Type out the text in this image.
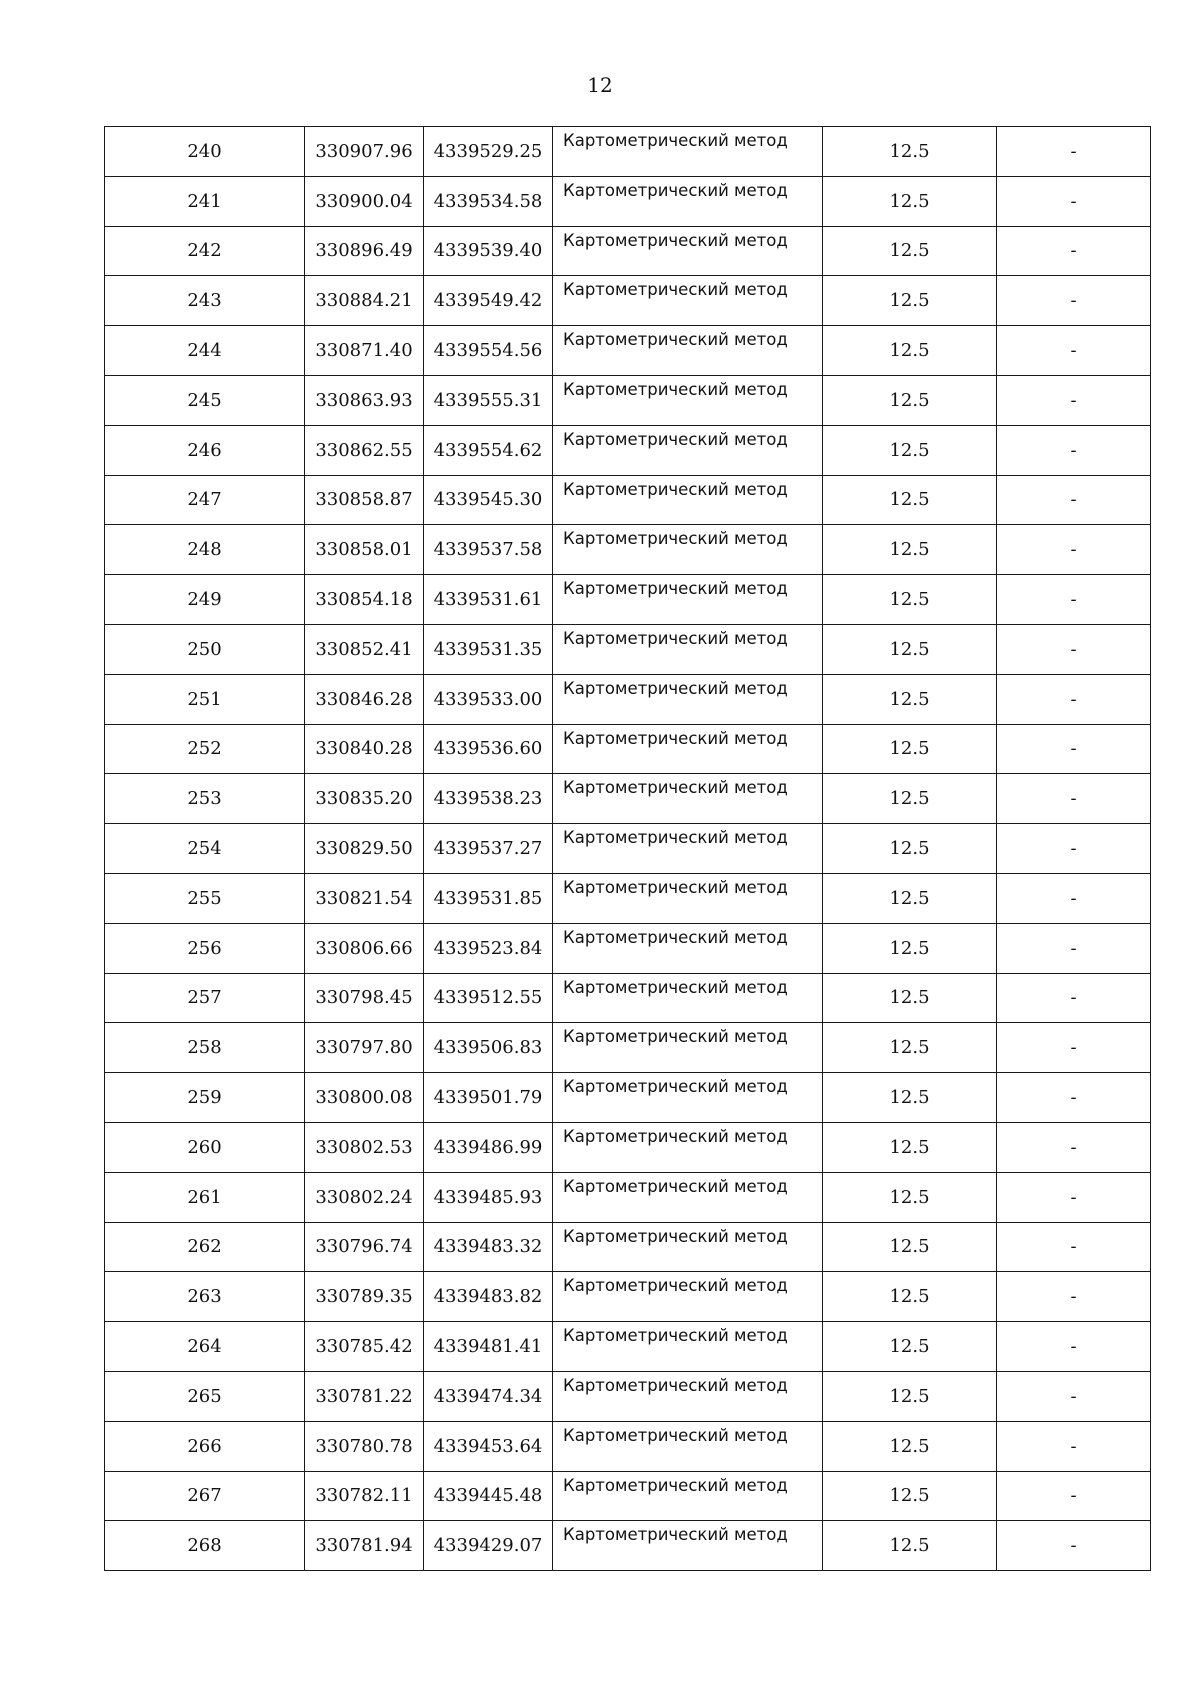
12
240	330907.96	4339529.25	Картометрический метод	12.5	-
241	330900.04	4339534.58	Картометрический метод	12.5	-
242	330896.49	4339539.40	Картометрический метод	12.5	-
243	330884.21	4339549.42	Картометрический метод	12.5	-
244	330871.40	4339554.56	Картометрический метод	12.5	-
245	330863.93	4339555.31	Картометрический метод	12.5	-
246	330862.55	4339554.62	Картометрический метод	12.5	-
247	330858.87	4339545.30	Картометрический метод	12.5	-
248	330858.01	4339537.58	Картометрический метод	12.5	-
249	330854.18	4339531.61	Картометрический метод	12.5	-
250	330852.41	4339531.35	Картометрический метод	12.5	-
251	330846.28	4339533.00	Картометрический метод	12.5	-
252	330840.28	4339536.60	Картометрический метод	12.5	-
253	330835.20	4339538.23	Картометрический метод	12.5	-
254	330829.50	4339537.27	Картометрический метод	12.5	-
255	330821.54	4339531.85	Картометрический метод	12.5	-
256	330806.66	4339523.84	Картометрический метод	12.5	-
257	330798.45	4339512.55	Картометрический метод	12.5	-
258	330797.80	4339506.83	Картометрический метод	12.5	-
259	330800.08	4339501.79	Картометрический метод	12.5	-
260	330802.53	4339486.99	Картометрический метод	12.5	-
261	330802.24	4339485.93	Картометрический метод	12.5	-
262	330796.74	4339483.32	Картометрический метод	12.5	-
263	330789.35	4339483.82	Картометрический метод	12.5	-
264	330785.42	4339481.41	Картометрический метод	12.5	-
265	330781.22	4339474.34	Картометрический метод	12.5	-
266	330780.78	4339453.64	Картометрический метод	12.5	-
267	330782.11	4339445.48	Картометрический метод	12.5	-
268	330781.94	4339429.07	Картометрический метод	12.5	-
